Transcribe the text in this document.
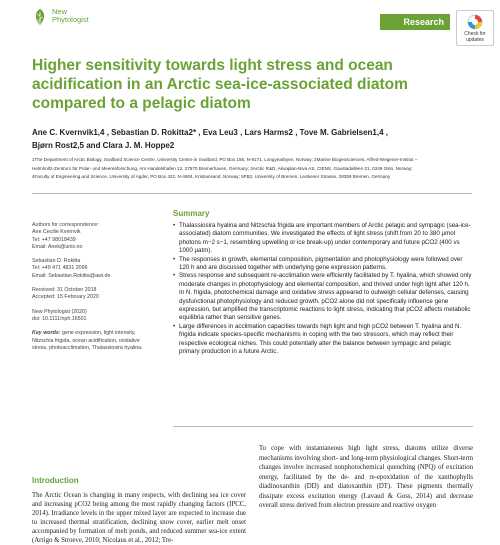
New
Phytologist	Research
Check for
updates
Higher sensitivity towards light stress and ocean acidification in an Arctic sea-ice-associated diatom compared to a pelagic diatom
Ane C. Kvernvik1,4 , Sebastian D. Rokitta2* , Eva Leu3 , Lars Harms2 , Tove M. Gabrielsen1,4 ,
Bjørn Rost2,5 and Clara J. M. Hoppe2
1The Department of Arctic Biology, Svalbard Science Centre, University Centre in Svalbard, PO Box 156, N-9171, Longyearbyen, Norway; 2Marine Biogeosciences, Alfred-Wegener-Institut –
Helmholtz-Zentrum für Polar- und Meeresforschung, Am Handelshafen 12, 27570 Bremerhaven, Germany; 3Arctic R&D, Akvaplan-Niva AS, CIENS, Gaustadalléen 21, 0349 Oslo, Norway;
4Faculty of Engineering and Science, University of Agder, PO Box 422, N-4604, Kristiansand, Norway; 5FB2, University of Bremen, Leobener Strasse, 28359 Bremen, Germany
Authors for correspondence:
Ane Cecilie Kvernvik
Tel: +47 98018439
Email: Anek@unis.no
Sebastian D. Rokitta
Tel: +49 471 4831 2096
Email: Sebastian.Rokitta@awi.de
Received: 31 October 2018
Accepted: 15 February 2020
New Phytologist (2020)
doi: 10.1111/nph.16501
Key words: gene expression, light intensity, Nitzschia frigida, ocean acidification, oxidative stress, photoacclimation, Thalassiosira hyalina.
Summary
• Thalassiosira hyalina and Nitzschia frigida are important members of Arctic pelagic and sympagic (sea-ice-associated) diatom communities. We investigated the effects of light stress (shift from 20 to 380 μmol photons m−2 s−1, resembling upwelling or ice break-up) under contemporary and future pCO2 (400 vs 1000 μatm).
• The responses in growth, elemental composition, pigmentation and photophysiology were followed over 120 h and are discussed together with underlying gene expression patterns.
• Stress response and subsequent re-acclimation were efficiently facilitated by T. hyalina, which showed only moderate changes in photophysiology and elemental composition, and thrived under high light after 120 h. In N. frigida, photochemical damage and oxidative stress appeared to outweigh cellular defenses, causing dysfunctional photophysiology and reduced growth. pCO2 alone did not specifically influence gene expression, but amplified the transcriptomic reactions to light stress, indicating that pCO2 affects metabolic equilibria rather than sensitive genes.
• Large differences in acclimation capacities towards high light and high pCO2 between T. hyalina and N. frigida indicate species-specific mechanisms in coping with the two stressors, which may reflect their respective ecological niches. This could potentially alter the balance between sympagic and pelagic primary production in a future Arctic.
To cope with instantaneous high light stress, diatoms utilize diverse mechanisms involving short- and long-term physiological changes. Short-term changes involve increased nonphotochemical quenching (NPQ) of excitation energy, facilitated by the de- and re-epoxidation of the xanthophylls diadinoxanthin (DD) and diatoxanthin (DT). These pigments thermally dissipate excess excitation energy (Lavaud & Goss, 2014) and decrease overall stress derived from electron pressure and reactive oxygen
Introduction
The Arctic Ocean is changing in many respects, with declining sea ice cover and increasing pCO2 being among the most rapidly changing factors (IPCC, 2014). Irradiance levels in the upper mixed layer are expected to increase due to increased thermal stratification, declining snow cover, earlier melt onset accompanied by formation of melt ponds, and reduced summer sea-ice extent (Arrigo & Stroeve, 2010; Nicolaus et al., 2012; Tre-
